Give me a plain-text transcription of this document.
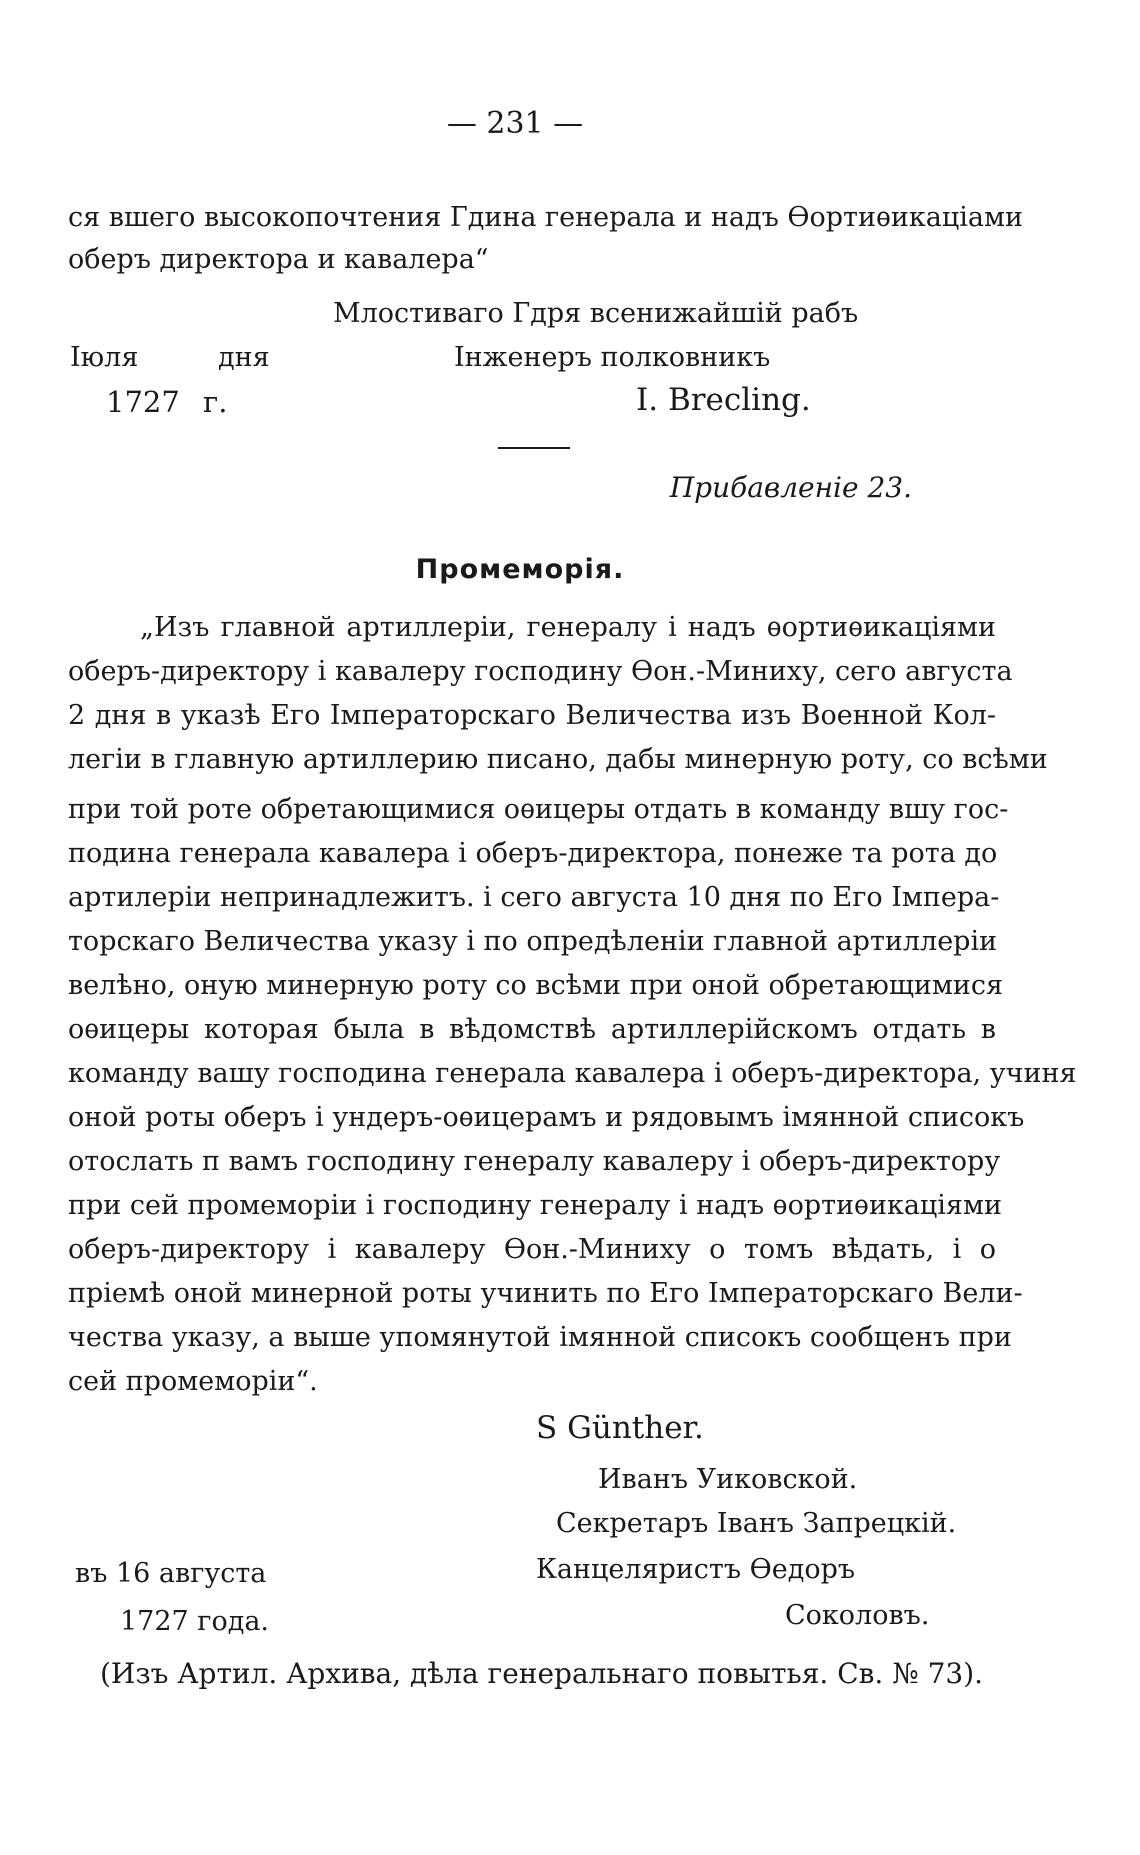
— 231 —
ся вшего высокопочтения Гдина генерала и надъ Ѳортиѳикацiами
оберъ директора и кавалера“
Млостиваго Гдря всенижайшiй рабъ
Iюля	дня	Iнженеръ полковникъ
1727 г.	I. Brecling.
Прибавленiе 23.
Промеморiя.
„Изъ главной артиллерiи, генералу i надъ ѳортиѳикацiями
оберъ-директору i кавалеру господину Ѳон.-Миниху, сего августа
2 дня в указѣ Его Iмператорскаго Величества изъ Военной Кол-
легiи в главную артиллерию писано, дабы минерную роту, со всѣми
при той роте обретающимися оѳицеры отдать в команду вшу гос-
подина генерала кавалера i оберъ-директора, понеже та рота до
артилерiи непринадлежитъ. i сего августа 10 дня по Его Iмпера-
торскаго Величества указу i по опредѣленiи главной артиллерiи
велѣно, оную минерную роту со всѣми при оной обретающимися
оѳицеры которая была в вѣдомствѣ артиллерiйскомъ отдать в
команду вашу господина генерала кавалера i оберъ-директора, учиня
оной роты оберъ i ундеръ-оѳицерамъ и рядовымъ iмянной списокъ
отослать п вамъ господину генералу кавалеру i оберъ-директору
при сей промеморiи i господину генералу i надъ ѳортиѳикацiями
оберъ-директору i кавалеру Ѳон.-Миниху о томъ вѣдать, i о
прiемѣ оной минерной роты учинить по Его Iмператорскаго Вели-
чества указу, а выше упомянутой iмянной списокъ сообщенъ при
сей промеморiи“.
S Günther.
Иванъ Уиковской.
Секретаръ Iванъ Запрецкiй.
Канцеляристъ Ѳедоръ
Соколовъ.
въ 16 августа
1727 года.
(Изъ Артил. Архива, дѣла генеральнаго повытья. Св. № 73).
